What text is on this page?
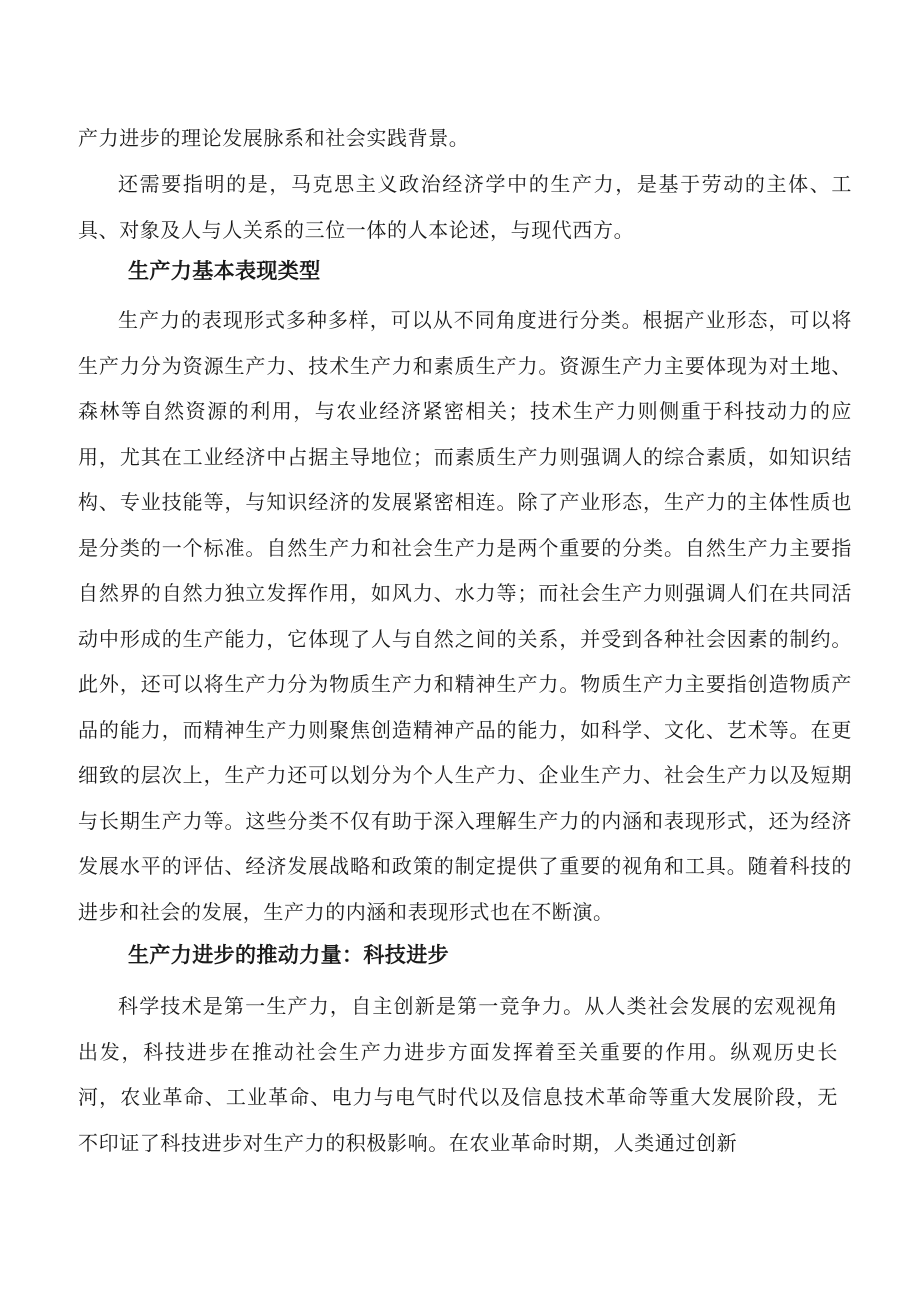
产力进步的理论发展脉系和社会实践背景。

还需要指明的是，马克思主义政治经济学中的生产力，是基于劳动的主体、工具、对象及人与人关系的三位一体的人本论述，与现代西方。

生产力基本表现类型

生产力的表现形式多种多样，可以从不同角度进行分类。根据产业形态，可以将生产力分为资源生产力、技术生产力和素质生产力。资源生产力主要体现为对土地、森林等自然资源的利用，与农业经济紧密相关；技术生产力则侧重于科技动力的应用，尤其在工业经济中占据主导地位；而素质生产力则强调人的综合素质，如知识结构、专业技能等，与知识经济的发展紧密相连。除了产业形态，生产力的主体性质也是分类的一个标准。自然生产力和社会生产力是两个重要的分类。自然生产力主要指自然界的自然力独立发挥作用，如风力、水力等；而社会生产力则强调人们在共同活动中形成的生产能力，它体现了人与自然之间的关系，并受到各种社会因素的制约。此外，还可以将生产力分为物质生产力和精神生产力。物质生产力主要指创造物质产品的能力，而精神生产力则聚焦创造精神产品的能力，如科学、文化、艺术等。在更细致的层次上，生产力还可以划分为个人生产力、企业生产力、社会生产力以及短期与长期生产力等。这些分类不仅有助于深入理解生产力的内涵和表现形式，还为经济发展水平的评估、经济发展战略和政策的制定提供了重要的视角和工具。随着科技的进步和社会的发展，生产力的内涵和表现形式也在不断演。

生产力进步的推动力量：科技进步

科学技术是第一生产力，自主创新是第一竞争力。从人类社会发展的宏观视角出发，科技进步在推动社会生产力进步方面发挥着至关重要的作用。纵观历史长河，农业革命、工业革命、电力与电气时代以及信息技术革命等重大发展阶段，无不印证了科技进步对生产力的积极影响。在农业革命时期，人类通过创新
